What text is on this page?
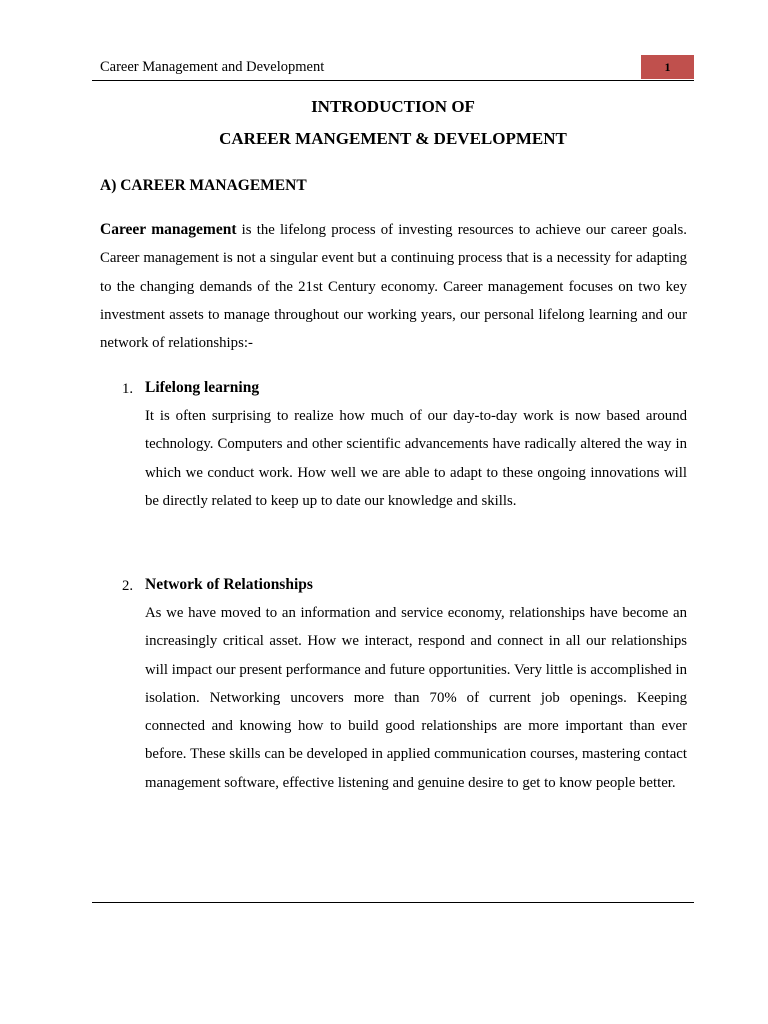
Career Management and Development	1
INTRODUCTION OF
CAREER MANGEMENT & DEVELOPMENT
A) CAREER MANAGEMENT

Career management is the lifelong process of investing resources to achieve our career goals. Career management is not a singular event but a continuing process that is a necessity for adapting to the changing demands of the 21st Century economy. Career management focuses on two key investment assets to manage throughout our working years, our personal lifelong learning and our network of relationships:-

1. Lifelong learning

It is often surprising to realize how much of our day-to-day work is now based around technology. Computers and other scientific advancements have radically altered the way in which we conduct work. How well we are able to adapt to these ongoing innovations will be directly related to keep up to date our knowledge and skills.

2. Network of Relationships

As we have moved to an information and service economy, relationships have become an increasingly critical asset. How we interact, respond and connect in all our relationships will impact our present performance and future opportunities. Very little is accomplished in isolation. Networking uncovers more than 70% of current job openings. Keeping connected and knowing how to build good relationships are more important than ever before. These skills can be developed in applied communication courses, mastering contact management software, effective listening and genuine desire to get to know people better.
